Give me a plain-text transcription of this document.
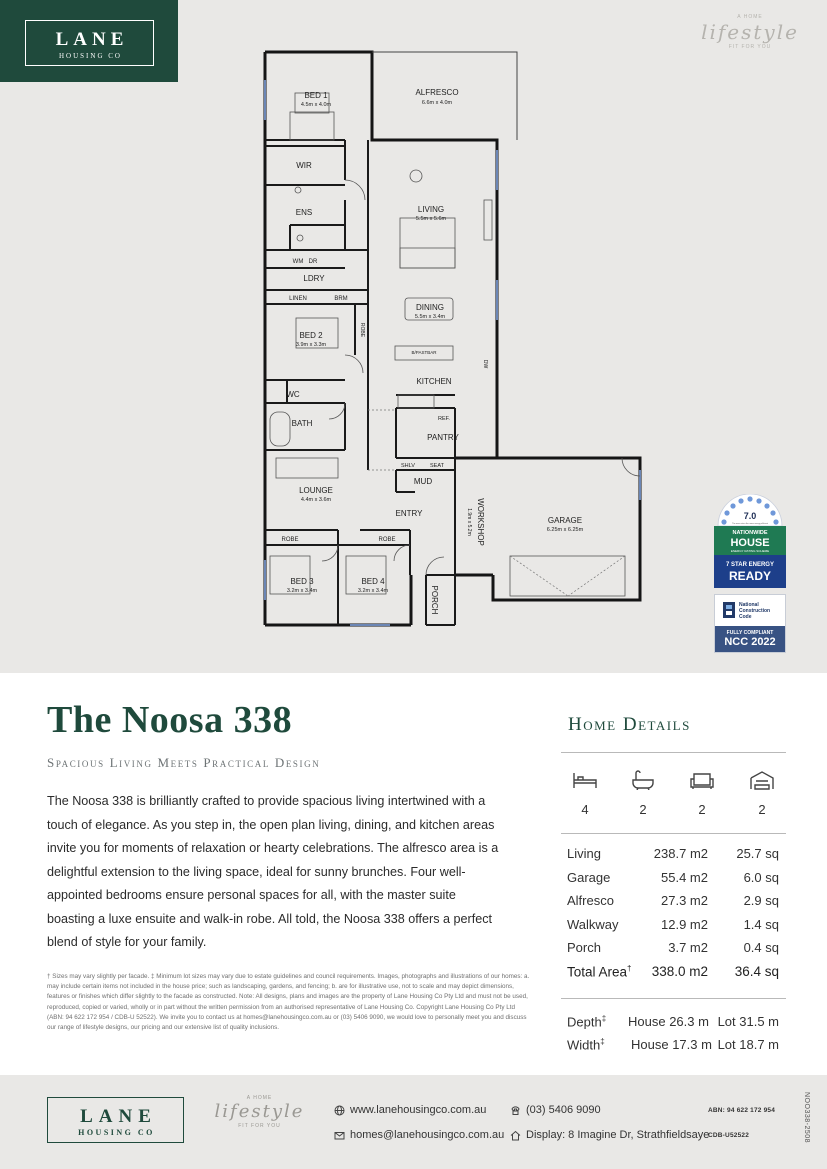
LANE
HOUSING CO
A HOME
lifestyle
FIT FOR YOU
BED 1
4.5m x 4.0m
ALFRESCO
6.6m x 4.0m
WIR
ENS	LIVING
5.5m x 5.6m
WM DR
LDRY
LINEN	BRM
DINING
5.5m x 3.4m
BED 2
3.9m x 3.3m
ROBE
B/PASTBAR
DW
KITCHEN
WC
BATH	REF.
PANTRY
SHLV	SEAT
MUD
LOUNGE
4.4m x 3.6m	WORKSHOP
1.9m x 5.2m	GARAGE
6.25m x 6.25m
ENTRY
ROBE	ROBE
BED 3
3.2m x 3.4m
BED 4
3.2m x 3.4m	PORCH
7.0
The more stars the more energy efficient
NATIONWIDE
HOUSE
ENERGY RATING SCHEME
7 STAR ENERGY
READY
National
Construction
Code
FULLY COMPLIANT
NCC 2022
The Noosa 338
Spacious Living Meets Practical Design

The Noosa 338 is brilliantly crafted to provide spacious living intertwined with a touch of elegance. As you step in, the open plan living, dining, and kitchen areas invite you for moments of relaxation or hearty celebrations. The alfresco area is a delightful extension to the living space, ideal for sunny brunches. Four well-appointed bedrooms ensure personal spaces for all, with the master suite boasting a luxe ensuite and walk-in robe. All told, the Noosa 338 offers a perfect blend of style for your family.

† Sizes may vary slightly per facade. ‡ Minimum lot sizes may vary due to estate guidelines and council requirements. Images, photographs and illustrations of our homes: a. may include certain items not included in the house price; such as landscaping, gardens, and fencing; b. are for illustrative use, not to scale and may depict dimensions, features or finishes which differ slightly to the facade as constructed. Note: All designs, plans and images are the property of Lane Housing Co Pty Ltd and must not be used, reproduced, copied or varied, wholly or in part without the written permission from an authorised representative of Lane Housing Co. Copyright Lane Housing Co Pty Ltd (ABN: 94 622 172 954 / CDB-U 52522). We invite you to contact us at homes@lanehousingco.com.au or (03) 5406 9090, we would love to personally meet you and discuss our range of lifestyle designs, our pricing and our extensive list of quality inclusions.

Home Details
4	2	2	2
Living	238.7 m2 25.7 sq
Garage	55.4 m2	6.0 sq
Alfresco	27.3 m2	2.9 sq
Walkway	12.9 m2	1.4 sq
Porch	3.7 m2	0.4 sq
Total Area† 338.0 m2 36.4 sq
Depth‡ House 26.3 m Lot 31.5 m
Width‡ House 17.3 m Lot 18.7 m
LANE
HOUSING CO
A HOME
lifestyle
FIT FOR YOU
www.lanehousingco.com.au
homes@lanehousingco.com.au
(03) 5406 9090
Display: 8 Imagine Dr, Strathfieldsaye
ABN: 94 622 172 954
CDB-U52522	NOO338-2508
